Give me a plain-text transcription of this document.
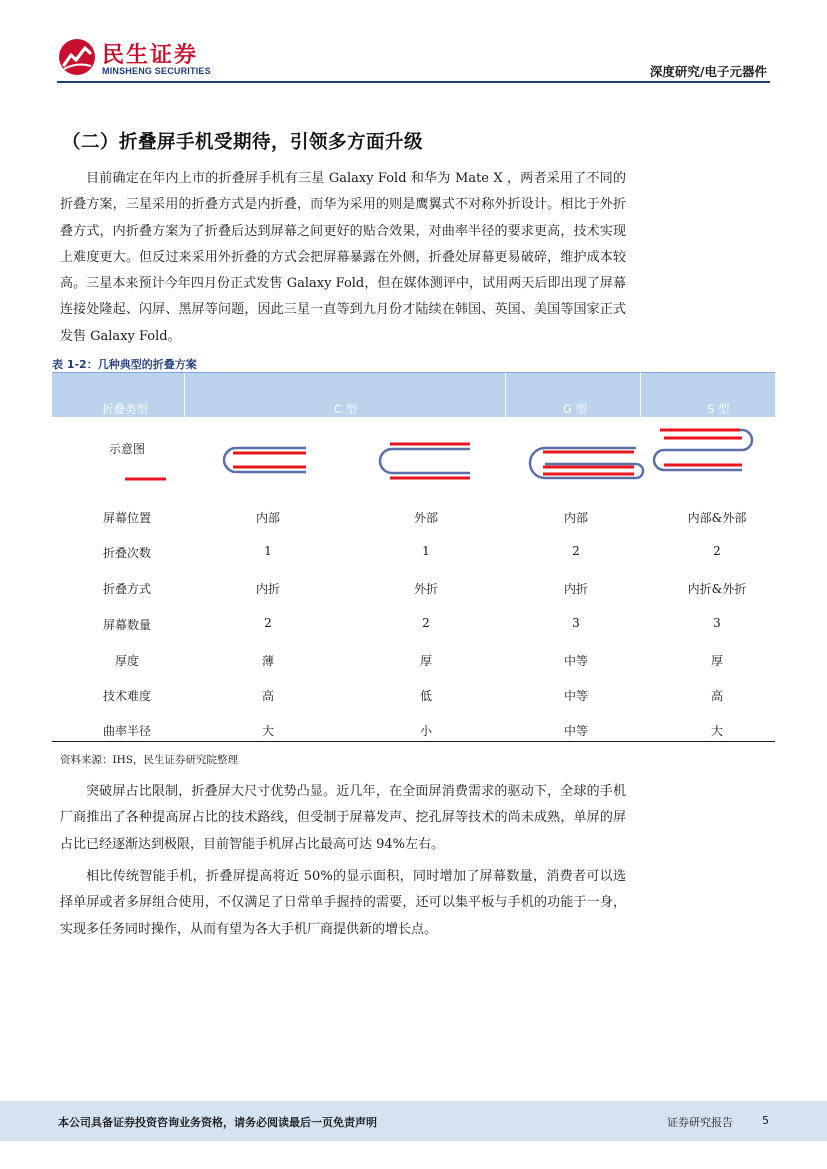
民生证券
MINSHENG SECURITIES	深度研究/电子元器件
（二）折叠屏手机受期待，引领多方面升级

目前确定在年内上市的折叠屏手机有三星 Galaxy Fold 和华为 Mate X ，两者采用了不同的折叠方案，三星采用的折叠方式是内折叠，而华为采用的则是鹰翼式不对称外折设计。相比于外折叠方式，内折叠方案为了折叠后达到屏幕之间更好的贴合效果，对曲率半径的要求更高，技术实现上难度更大。但反过来采用外折叠的方式会把屏幕暴露在外侧，折叠处屏幕更易破碎，维护成本较高。三星本来预计今年四月份正式发售 Galaxy Fold，但在媒体测评中，试用两天后即出现了屏幕连接处隆起、闪屏、黑屏等问题，因此三星一直等到九月份才陆续在韩国、英国、美国等国家正式发售 Galaxy Fold。

表 1-2：几种典型的折叠方案
折叠类型	C 型	G 型	S 型
示意图
屏幕位置	内部	外部	内部	内部&外部
折叠次数	1	1	2	2
折叠方式	内折	外折	内折	内折&外折
屏幕数量	2	2	3	3
厚度	薄	厚	中等	厚
技术难度	高	低	中等	高
曲率半径	大	小	中等	大
资料来源：IHS，民生证券研究院整理

突破屏占比限制，折叠屏大尺寸优势凸显。近几年，在全面屏消费需求的驱动下，全球的手机厂商推出了各种提高屏占比的技术路线，但受制于屏幕发声、挖孔屏等技术的尚未成熟，单屏的屏占比已经逐渐达到极限，目前智能手机屏占比最高可达 94%左右。

相比传统智能手机，折叠屏提高将近 50%的显示面积，同时增加了屏幕数量，消费者可以选择单屏或者多屏组合使用，不仅满足了日常单手握持的需要，还可以集平板与手机的功能于一身，实现多任务同时操作，从而有望为各大手机厂商提供新的增长点。

本公司具备证券投资咨询业务资格，请务必阅读最后一页免责声明	证券研究报告	5
